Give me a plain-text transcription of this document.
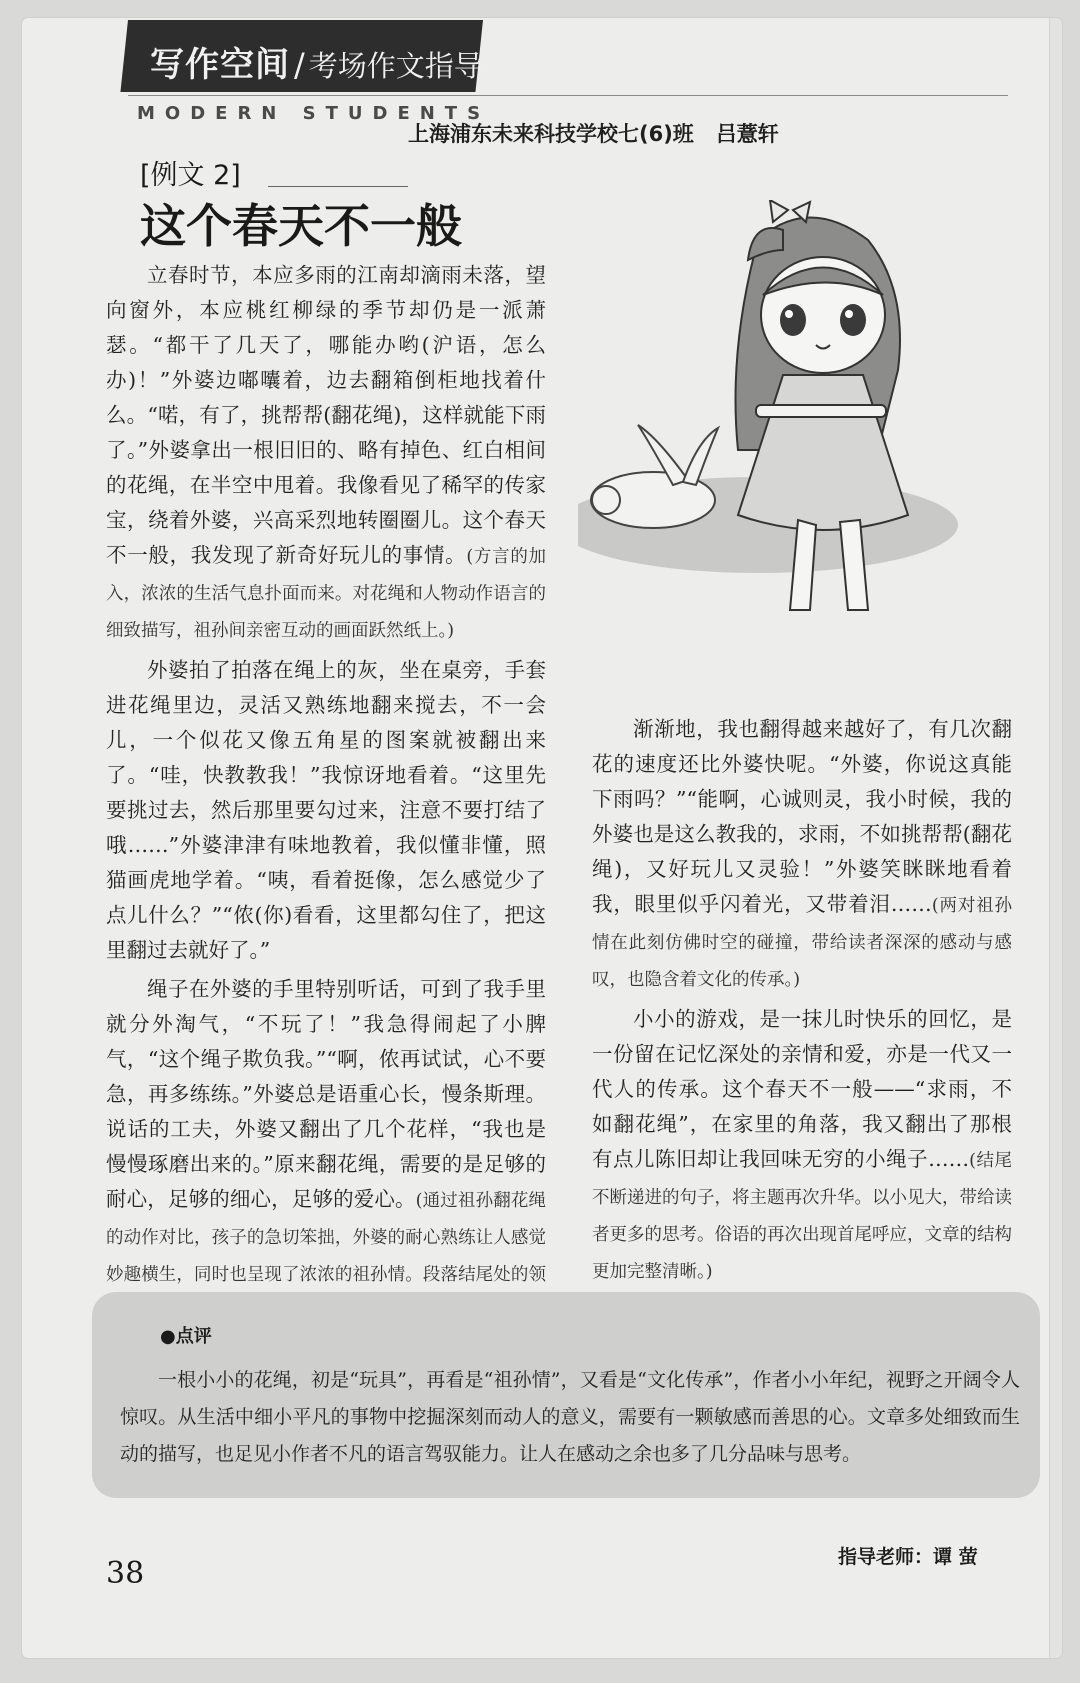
写作空间 / 考场作文指导
MODERN STUDENTS
上海浦东未来科技学校七(6)班 吕薏轩
[例文 2]
这个春天不一般

立春时节，本应多雨的江南却滴雨未落，望向窗外，本应桃红柳绿的季节却仍是一派萧瑟。“都干了几天了，哪能办哟(沪语，怎么办)！”外婆边嘟囔着，边去翻箱倒柜地找着什么。“喏，有了，挑帮帮(翻花绳)，这样就能下雨了。”外婆拿出一根旧旧的、略有掉色、红白相间的花绳，在半空中甩着。我像看见了稀罕的传家宝，绕着外婆，兴高采烈地转圈圈儿。这个春天不一般，我发现了新奇好玩儿的事情。(方言的加入，浓浓的生活气息扑面而来。对花绳和人物动作语言的细致描写，祖孙间亲密互动的画面跃然纸上。)

外婆拍了拍落在绳上的灰，坐在桌旁，手套进花绳里边，灵活又熟练地翻来搅去，不一会儿，一个似花又像五角星的图案就被翻出来了。“哇，快教教我！”我惊讶地看着。“这里先要挑过去，然后那里要勾过来，注意不要打结了哦……”外婆津津有味地教着，我似懂非懂，照猫画虎地学着。“咦，看着挺像，怎么感觉少了点儿什么？”“侬(你)看看，这里都勾住了，把这里翻过去就好了。”

绳子在外婆的手里特别听话，可到了我手里就分外淘气，“不玩了！”我急得闹起了小脾气，“这个绳子欺负我。”“啊，侬再试试，心不要急，再多练练。”外婆总是语重心长，慢条斯理。说话的工夫，外婆又翻出了几个花样，“我也是慢慢琢磨出来的。”原来翻花绳，需要的是足够的耐心，足够的细心，足够的爱心。(通过祖孙翻花绳的动作对比，孩子的急切笨拙，外婆的耐心熟练让人感觉妙趣横生，同时也呈现了浓浓的祖孙情。段落结尾处的领

渐渐地，我也翻得越来越好了，有几次翻花的速度还比外婆快呢。“外婆，你说这真能下雨吗？”“能啊，心诚则灵，我小时候，我的外婆也是这么教我的，求雨，不如挑帮帮(翻花绳)，又好玩儿又灵验！”外婆笑眯眯地看着我，眼里似乎闪着光，又带着泪……(两对祖孙情在此刻仿佛时空的碰撞，带给读者深深的感动与感叹，也隐含着文化的传承。)

小小的游戏，是一抹儿时快乐的回忆，是一份留在记忆深处的亲情和爱，亦是一代又一代人的传承。这个春天不一般——“求雨，不如翻花绳”，在家里的角落，我又翻出了那根有点儿陈旧却让我回味无穷的小绳子……(结尾不断递进的句子，将主题再次升华。以小见大，带给读者更多的思考。俗语的再次出现首尾呼应，文章的结构更加完整清晰。)

●点评
一根小小的花绳，初是“玩具”，再看是“祖孙情”，又看是“文化传承”，作者小小年纪，视野之开阔令人惊叹。从生活中细小平凡的事物中挖掘深刻而动人的意义，需要有一颗敏感而善思的心。文章多处细致而生动的描写，也足见小作者不凡的语言驾驭能力。让人在感动之余也多了几分品味与思考。
38	指导老师：谭 萤
